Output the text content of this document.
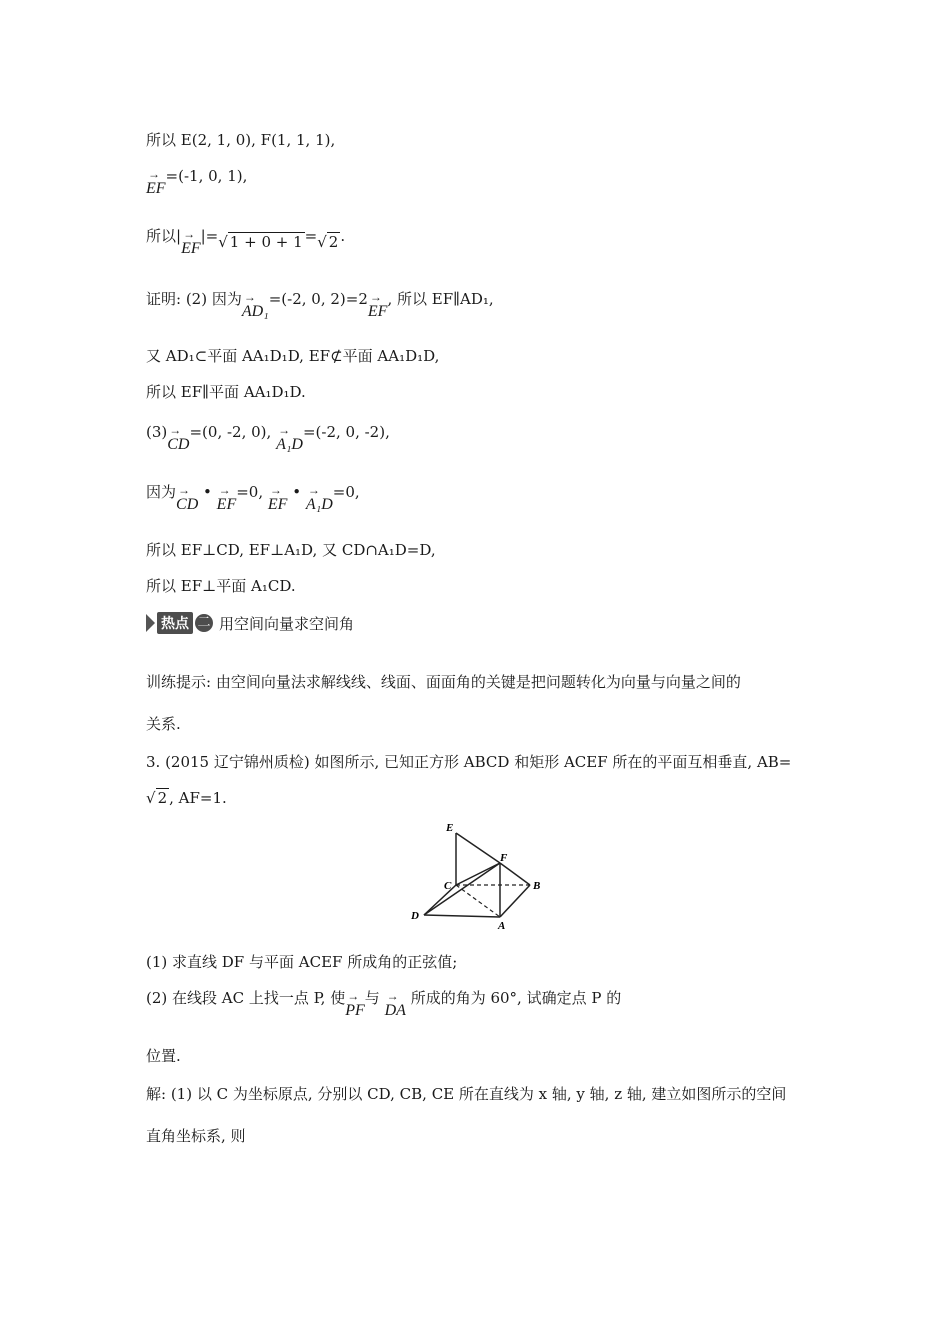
所以 E(2, 1, 0), F(1, 1, 1),
→
EF=(-1, 0, 1),
所以| →
EF|=√ 1 + 0 + 1 =√ 2 .
证明: (2) 因为 →
AD₁=(-2, 0, 2)=2 →
EF, 所以 EF∥AD₁,
又 AD₁⊂平面 AA₁D₁D, EF⊄平面 AA₁D₁D,
所以 EF∥平面 AA₁D₁D.
(3) →
CD=(0, -2, 0), →
A₁D=(-2, 0, -2),
因为 →
CD • →
EF=0, →
EF • →
A₁D=0,
所以 EF⊥CD, EF⊥A₁D, 又 CD∩A₁D=D,
所以 EF⊥平面 A₁CD.
热点 二 用空间向量求空间角
训练提示: 由空间向量法求解线线、线面、面面角的关键是把问题转化为向量与向量之间的
关系.
3. (2015 辽宁锦州质检) 如图所示, 已知正方形 ABCD 和矩形 ACEF 所在的平面互相垂直, AB=
√ 2 , AF=1.
E
F
C	B
D
A
(1) 求直线 DF 与平面 ACEF 所成角的正弦值;
(2) 在线段 AC 上找一点 P, 使 →
PF与 →
DA 所成的角为 60°, 试确定点 P 的
位置.
解: (1) 以 C 为坐标原点, 分别以 CD, CB, CE 所在直线为 x 轴, y 轴, z 轴, 建立如图所示的空间
直角坐标系, 则
